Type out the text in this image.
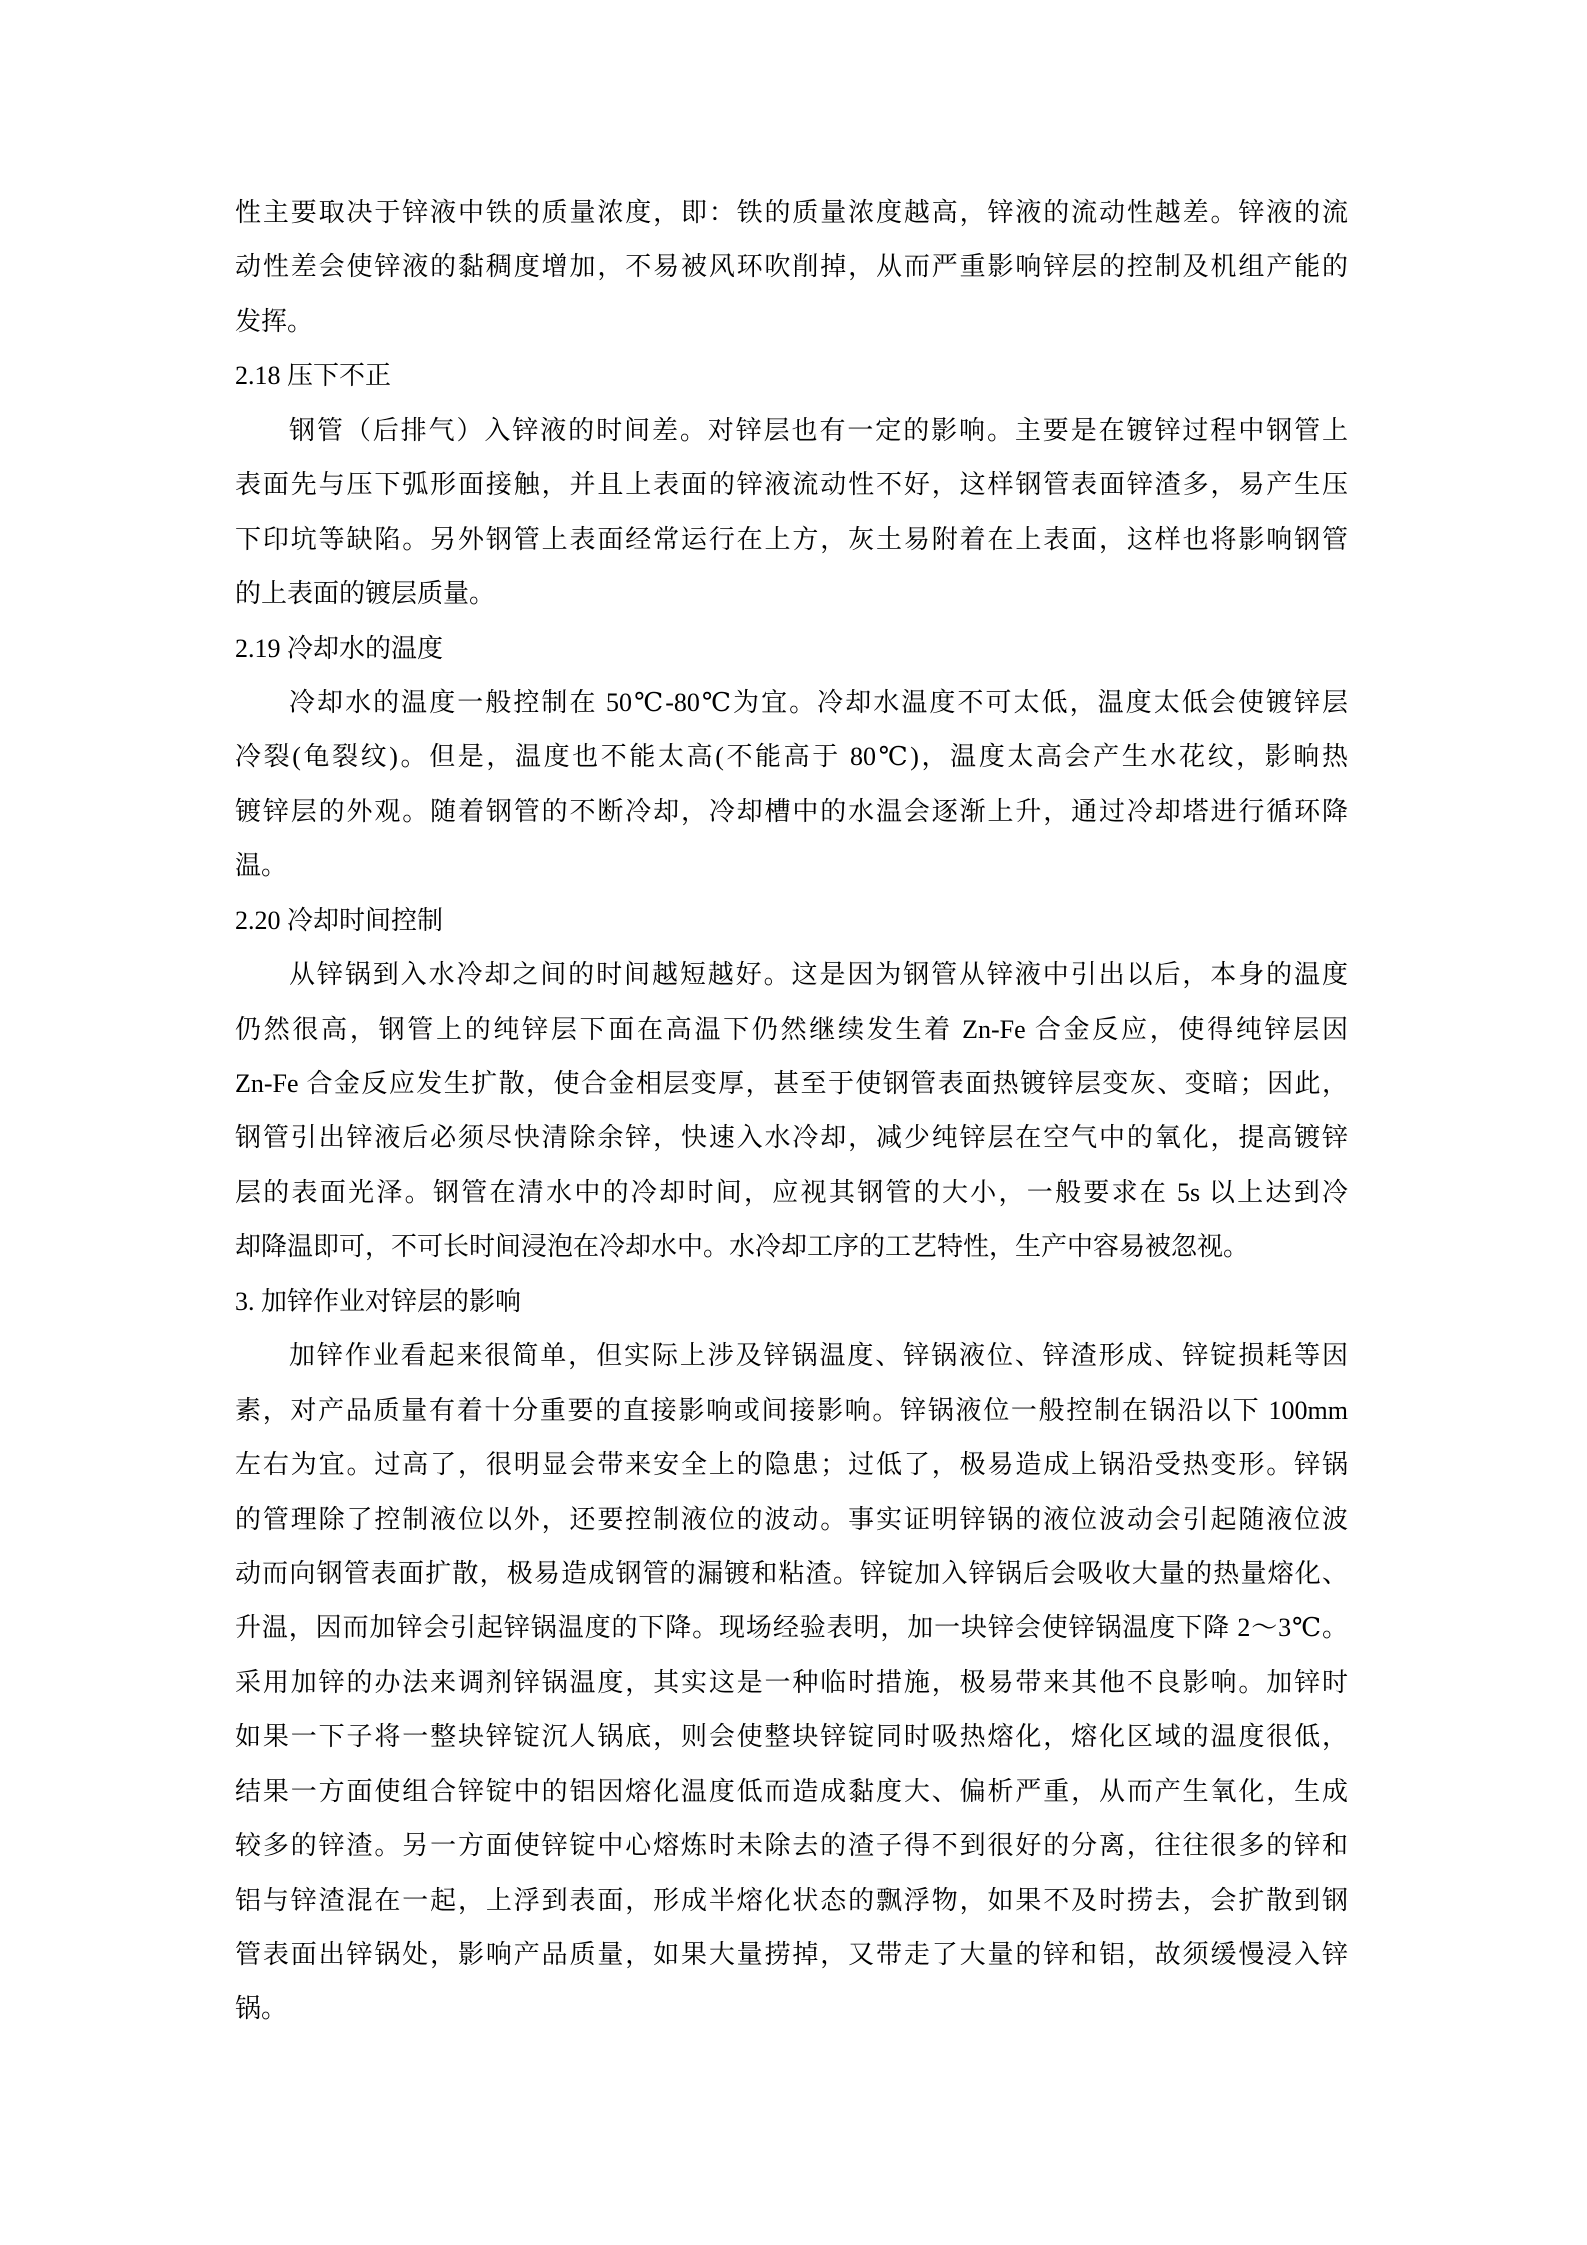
性主要取决于锌液中铁的质量浓度，即：铁的质量浓度越高，锌液的流动性越差。锌液的流
动性差会使锌液的黏稠度增加，不易被风环吹削掉，从而严重影响锌层的控制及机组产能的
发挥。
2.18 压下不正
钢管（后排气）入锌液的时间差。对锌层也有一定的影响。主要是在镀锌过程中钢管上
表面先与压下弧形面接触，并且上表面的锌液流动性不好，这样钢管表面锌渣多，易产生压
下印坑等缺陷。另外钢管上表面经常运行在上方，灰土易附着在上表面，这样也将影响钢管
的上表面的镀层质量。
2.19 冷却水的温度
冷却水的温度一般控制在 50℃-80℃为宜。冷却水温度不可太低，温度太低会使镀锌层
冷裂(龟裂纹)。但是，温度也不能太高(不能高于 80℃)，温度太高会产生水花纹，影晌热
镀锌层的外观。随着钢管的不断冷却，冷却槽中的水温会逐渐上升，通过冷却塔进行循环降
温。
2.20 冷却时间控制
从锌锅到入水冷却之间的时间越短越好。这是因为钢管从锌液中引出以后，本身的温度
仍然很高，钢管上的纯锌层下面在高温下仍然继续发生着 Zn-Fe 合金反应，使得纯锌层因
Zn-Fe 合金反应发生扩散，使合金相层变厚，甚至于使钢管表面热镀锌层变灰、变暗；因此，
钢管引出锌液后必须尽快清除余锌，快速入水冷却，减少纯锌层在空气中的氧化，提高镀锌
层的表面光泽。钢管在清水中的冷却时间，应视其钢管的大小，一般要求在 5s 以上达到冷
却降温即可，不可长时间浸泡在冷却水中。水冷却工序的工艺特性，生产中容易被忽视。
3. 加锌作业对锌层的影响
加锌作业看起来很简单，但实际上涉及锌锅温度、锌锅液位、锌渣形成、锌锭损耗等因
素，对产品质量有着十分重要的直接影响或间接影响。锌锅液位一般控制在锅沿以下 100mm
左右为宜。过高了，很明显会带来安全上的隐患；过低了，极易造成上锅沿受热变形。锌锅
的管理除了控制液位以外，还要控制液位的波动。事实证明锌锅的液位波动会引起随液位波
动而向钢管表面扩散，极易造成钢管的漏镀和粘渣。锌锭加入锌锅后会吸收大量的热量熔化、
升温，因而加锌会引起锌锅温度的下降。现场经验表明，加一块锌会使锌锅温度下降 2～3℃。
采用加锌的办法来调剂锌锅温度，其实这是一种临时措施，极易带来其他不良影响。加锌时
如果一下子将一整块锌锭沉人锅底，则会使整块锌锭同时吸热熔化，熔化区域的温度很低，
结果一方面使组合锌锭中的铝因熔化温度低而造成黏度大、偏析严重，从而产生氧化，生成
较多的锌渣。另一方面使锌锭中心熔炼时未除去的渣子得不到很好的分离，往往很多的锌和
铝与锌渣混在一起，上浮到表面，形成半熔化状态的飘浮物，如果不及时捞去，会扩散到钢
管表面出锌锅处，影响产品质量，如果大量捞掉，又带走了大量的锌和铝，故须缓慢浸入锌
锅。
